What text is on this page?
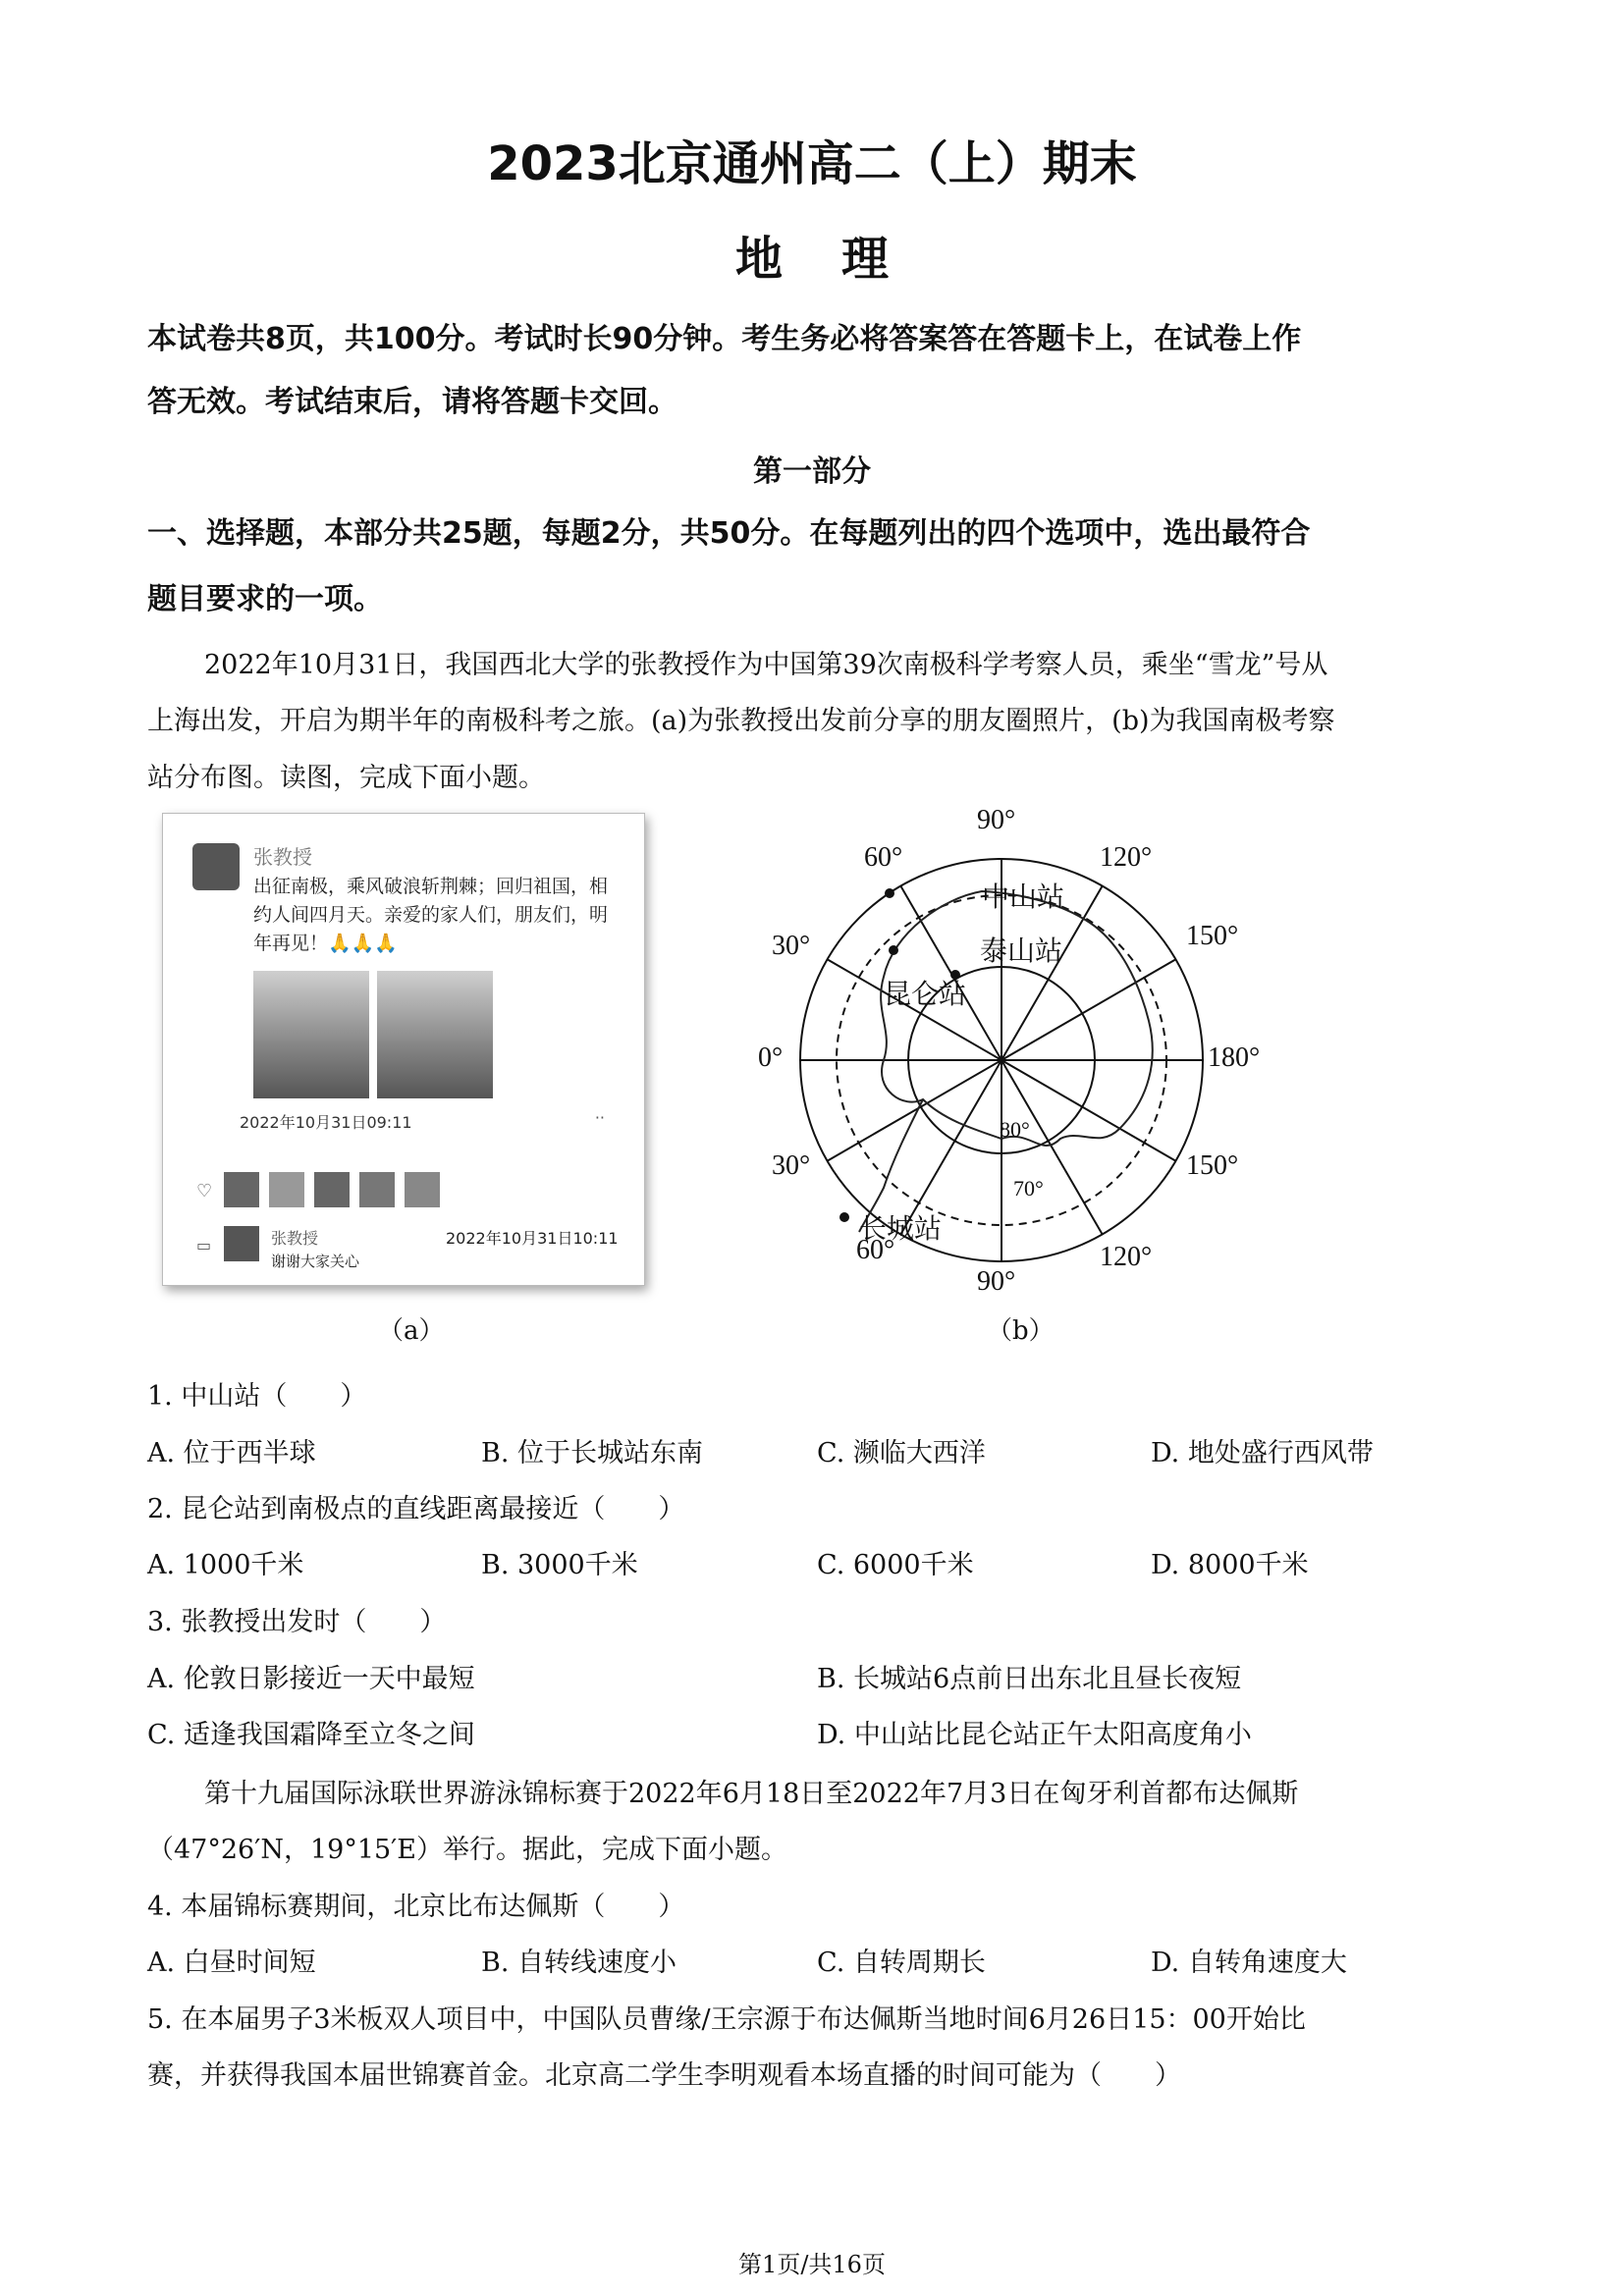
2023北京通州高二（上）期末
地理
本试卷共8页，共100分。考试时长90分钟。考生务必将答案答在答题卡上，在试卷上作
答无效。考试结束后，请将答题卡交回。
第一部分
一、选择题，本部分共25题，每题2分，共50分。在每题列出的四个选项中，选出最符合
题目要求的一项。
2022年10月31日，我国西北大学的张教授作为中国第39次南极科学考察人员，乘坐“雪龙”号从
上海出发，开启为期半年的南极科考之旅。(a)为张教授出发前分享的朋友圈照片，(b)为我国南极考察
站分布图。读图，完成下面小题。
张教授
出征南极，乘风破浪斩荆棘；回归祖国，相约人间四月天。亲爱的家人们，朋友们，明年再见！🙏🙏🙏
2022年10月31日09:11	··
♡
▭	张教授	2022年10月31日10:11
谢谢大家关心
（a）
90°
90°
0°	180°
60°	120°
30°	150°
30°	150°
60°	120°
80°
70°
中山站
泰山站
昆仑站
长城站
（b）
1. 中山站（　　）
A. 位于西半球	B. 位于长城站东南	C. 濒临大西洋	D. 地处盛行西风带
2. 昆仑站到南极点的直线距离最接近（　　）
A. 1000千米	B. 3000千米	C. 6000千米	D. 8000千米
3. 张教授出发时（　　）
A. 伦敦日影接近一天中最短	B. 长城站6点前日出东北且昼长夜短
C. 适逢我国霜降至立冬之间	D. 中山站比昆仑站正午太阳高度角小
第十九届国际泳联世界游泳锦标赛于2022年6月18日至2022年7月3日在匈牙利首都布达佩斯
（47°26′N，19°15′E）举行。据此，完成下面小题。
4. 本届锦标赛期间，北京比布达佩斯（　　）
A. 白昼时间短	B. 自转线速度小	C. 自转周期长	D. 自转角速度大
5. 在本届男子3米板双人项目中，中国队员曹缘/王宗源于布达佩斯当地时间6月26日15：00开始比
赛，并获得我国本届世锦赛首金。北京高二学生李明观看本场直播的时间可能为（　　）
第1页/共16页
